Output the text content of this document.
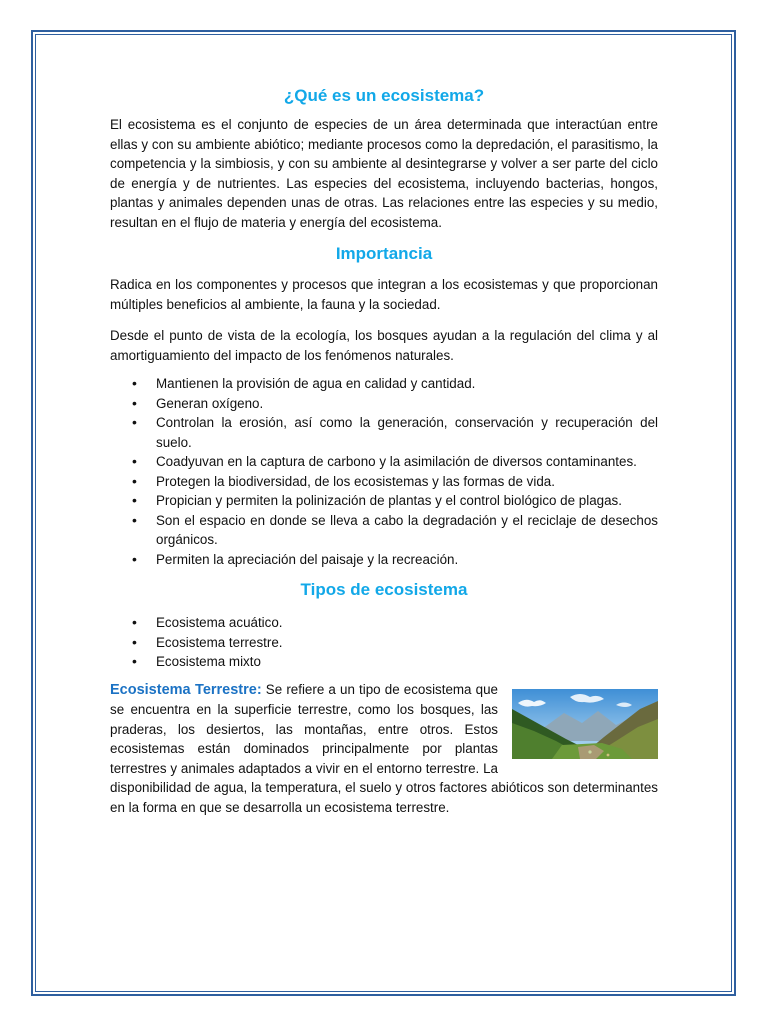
¿Qué es un ecosistema?

El ecosistema es el conjunto de especies de un área determinada que interactúan entre ellas y con su ambiente abiótico; mediante procesos como la depredación, el parasitismo, la competencia y la simbiosis, y con su ambiente al desintegrarse y volver a ser parte del ciclo de energía y de nutrientes. Las especies del ecosistema, incluyendo bacterias, hongos, plantas y animales dependen unas de otras. Las relaciones entre las especies y su medio, resultan en el flujo de materia y energía del ecosistema.

Importancia

Radica en los componentes y procesos que integran a los ecosistemas y que proporcionan múltiples beneficios al ambiente, la fauna y la sociedad.

Desde el punto de vista de la ecología, los bosques ayudan a la regulación del clima y al amortiguamiento del impacto de los fenómenos naturales.

• Mantienen la provisión de agua en calidad y cantidad.
• Generan oxígeno.
• Controlan la erosión, así como la generación, conservación y recuperación del suelo.
• Coadyuvan en la captura de carbono y la asimilación de diversos contaminantes.
• Protegen la biodiversidad, de los ecosistemas y las formas de vida.
• Propician y permiten la polinización de plantas y el control biológico de plagas.
• Son el espacio en donde se lleva a cabo la degradación y el reciclaje de desechos orgánicos.
• Permiten la apreciación del paisaje y la recreación.
Tipos de ecosistema
• Ecosistema acuático.
• Ecosistema terrestre.
• Ecosistema mixto

Ecosistema Terrestre: Se refiere a un tipo de ecosistema que se encuentra en la superficie terrestre, como los bosques, las praderas, los desiertos, las montañas, entre otros. Estos ecosistemas están dominados principalmente por plantas terrestres y animales adaptados a vivir en el entorno terrestre. La disponibilidad de agua, la temperatura, el suelo y otros factores abióticos son determinantes en la forma en que se desarrolla un ecosistema terrestre.
